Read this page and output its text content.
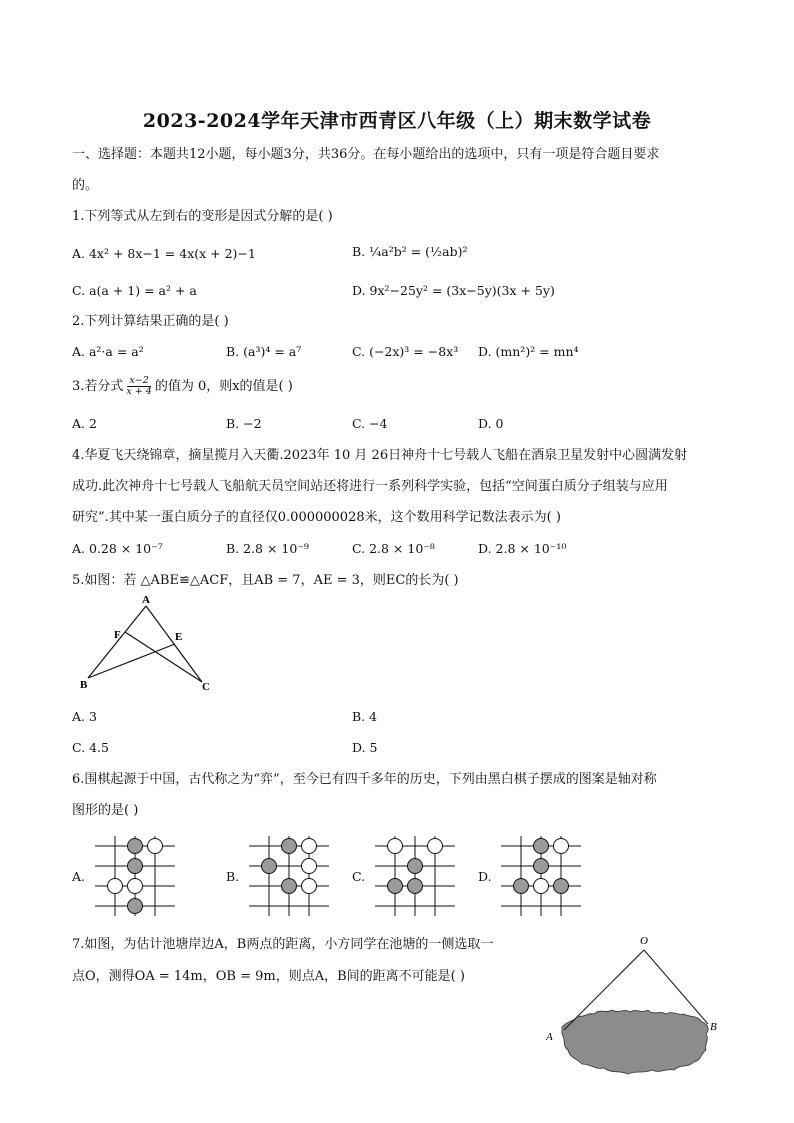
2023-2024学年天津市西青区八年级（上）期末数学试卷
一、选择题：本题共12小题，每小题3分，共36分。在每小题给出的选项中，只有一项是符合题目要求
的。
1.下列等式从左到右的变形是因式分解的是( )
A. 4x² + 8x−1 = 4x(x + 2)−1	B. ¼a²b² = (½ab)²
C. a(a + 1) = a² + a	D. 9x²−25y² = (3x−5y)(3x + 5y)
2.下列计算结果正确的是( )
A. a²·a = a²	B. (a³)⁴ = a⁷	C. (−2x)³ = −8x³ D. (mn²)² = mn⁴
3.若分式 $\frac{x-2}{x + 4}$ 的值为 0，则x的值是( )
A. 2	B. −2	C. −4	D. 0
4.华夏飞天绕锦章，摘星揽月入天衢.2023年 10 月 26日神舟十七号载人飞船在酒泉卫星发射中心圆满发射
成功.此次神舟十七号载人飞船航天员空间站还将进行一系列科学实验，包括“空间蛋白质分子组装与应用
研究”.其中某一蛋白质分子的直径仅0.000000028米，这个数用科学记数法表示为( )
A. 0.28 × 10⁻⁷	B. 2.8 × 10⁻⁹	C. 2.8 × 10⁻⁸	D. 2.8 × 10⁻¹⁰
5.如图：若 △ABE≌△ACF，且AB = 7，AE = 3，则EC的长为( )
A
F	E
B	C
A. 3	B. 4
C. 4.5	D. 5
6.围棋起源于中国，古代称之为“弈”，至今已有四千多年的历史，下列由黑白棋子摆成的图案是轴对称
图形的是( )
A.	B.	C.	D.
7.如图，为估计池塘岸边A，B两点的距离，小方同学在池塘的一侧选取一
点O，测得OA = 14m，OB = 9m，则点A，B间的距离不可能是( )
O
A
B
